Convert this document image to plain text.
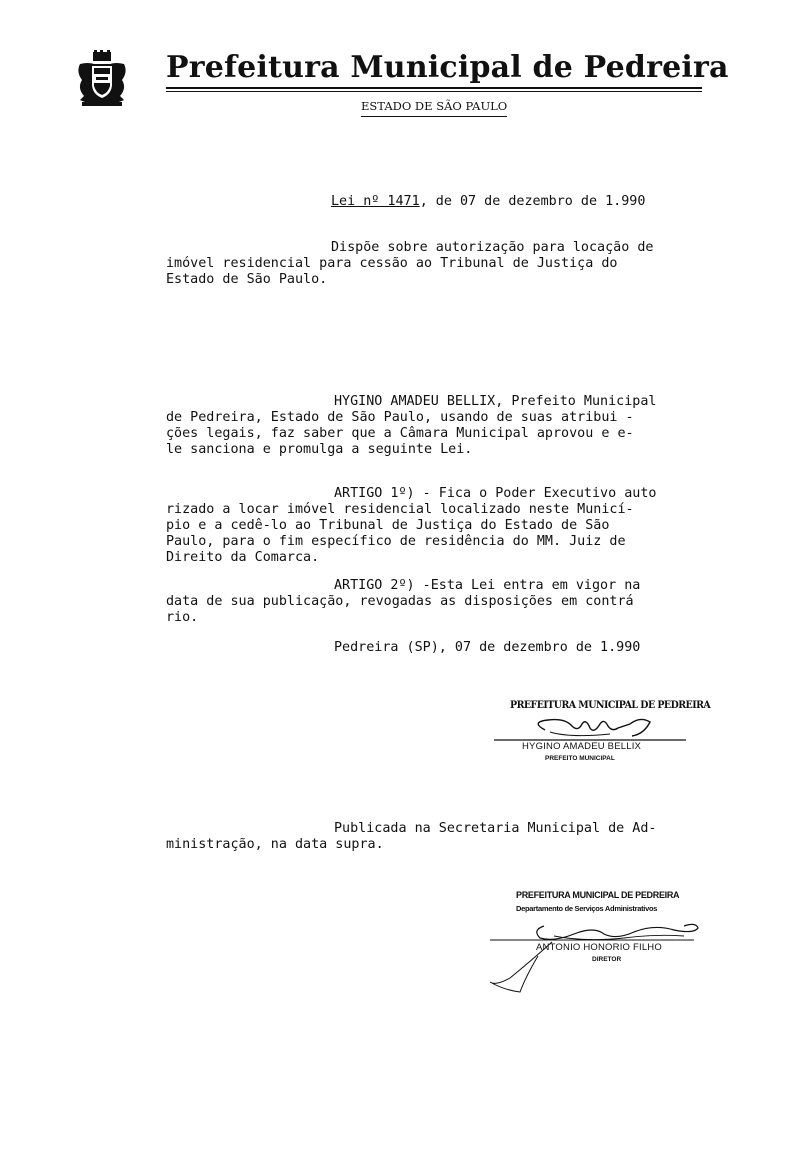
Prefeitura Municipal de Pedreira
ESTADO DE SÃO PAULO
Lei nº 1471, de 07 de dezembro de 1.990
Dispõe sobre autorização para locação de
imóvel residencial para cessão ao Tribunal de Justiça do
Estado de São Paulo.
HYGINO AMADEU BELLIX, Prefeito Municipal
de Pedreira, Estado de São Paulo, usando de suas atribui -
ções legais, faz saber que a Câmara Municipal aprovou e e-
le sanciona e promulga a seguinte Lei.
ARTIGO 1º) - Fica o Poder Executivo auto
rizado a locar imóvel residencial localizado neste Municí-
pio e a cedê-lo ao Tribunal de Justiça do Estado de São
Paulo, para o fim específico de residência do MM. Juiz de
Direito da Comarca.
ARTIGO 2º) -Esta Lei entra em vigor na
data de sua publicação, revogadas as disposições em contrá
rio.
Pedreira (SP), 07 de dezembro de 1.990
PREFEITURA MUNICIPAL DE PEDREIRA
HYGINO AMADEU BELLIX
PREFEITO MUNICIPAL
Publicada na Secretaria Municipal de Ad-
ministração, na data supra.
PREFEITURA MUNICIPAL DE PEDREIRA
Departamento de Serviços Administrativos
ANTONIO HONORIO FILHO
DIRETOR
